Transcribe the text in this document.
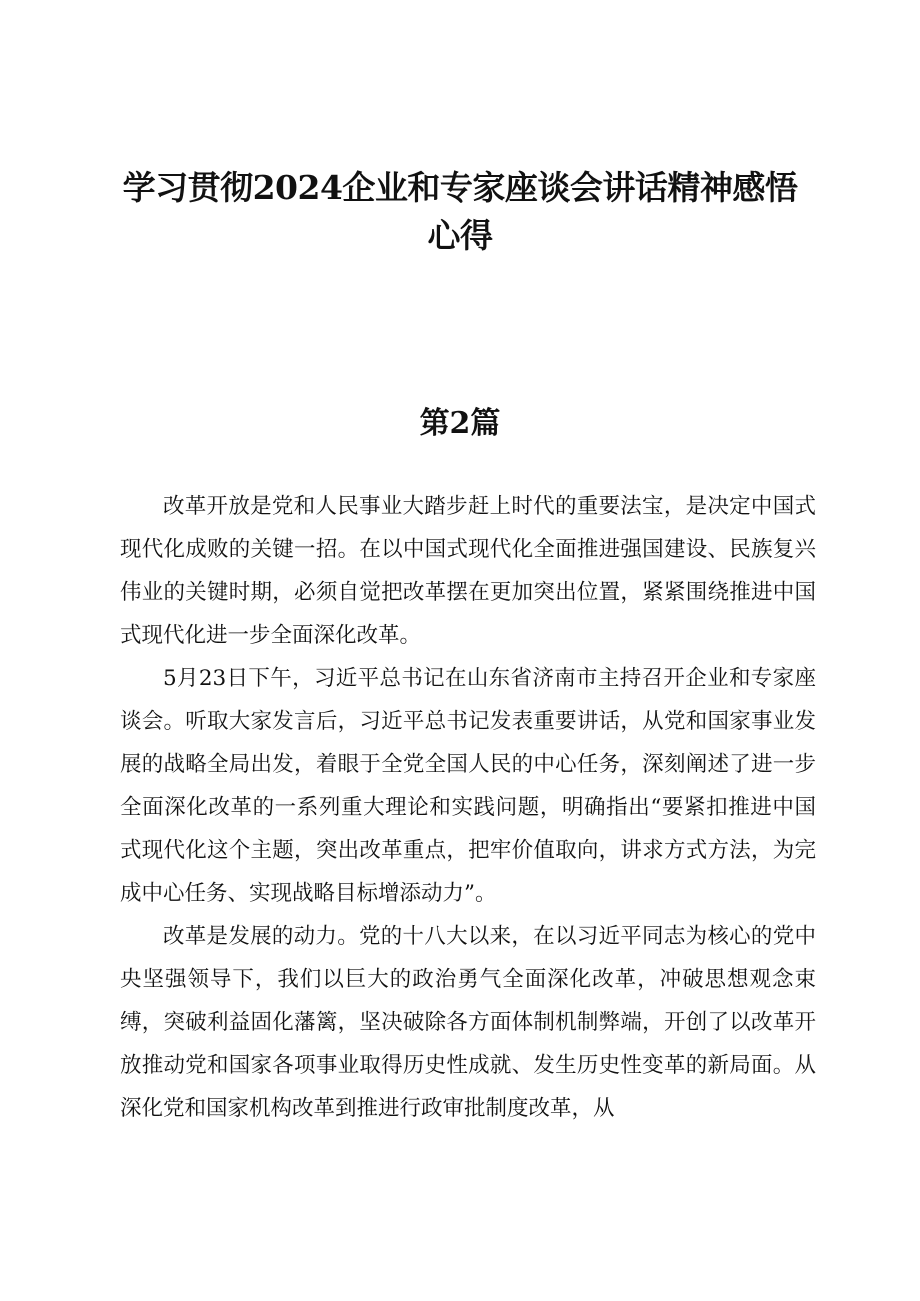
学习贯彻2024企业和专家座谈会讲话精神感悟心得
第2篇

改革开放是党和人民事业大踏步赶上时代的重要法宝，是决定中国式现代化成败的关键一招。在以中国式现代化全面推进强国建设、民族复兴伟业的关键时期，必须自觉把改革摆在更加突出位置，紧紧围绕推进中国式现代化进一步全面深化改革。

5月23日下午，习近平总书记在山东省济南市主持召开企业和专家座谈会。听取大家发言后，习近平总书记发表重要讲话，从党和国家事业发展的战略全局出发，着眼于全党全国人民的中心任务，深刻阐述了进一步全面深化改革的一系列重大理论和实践问题，明确指出“要紧扣推进中国式现代化这个主题，突出改革重点，把牢价值取向，讲求方式方法，为完成中心任务、实现战略目标增添动力”。

改革是发展的动力。党的十八大以来，在以习近平同志为核心的党中央坚强领导下，我们以巨大的政治勇气全面深化改革，冲破思想观念束缚，突破利益固化藩篱，坚决破除各方面体制机制弊端，开创了以改革开放推动党和国家各项事业取得历史性成就、发生历史性变革的新局面。从深化党和国家机构改革到推进行政审批制度改革，从
